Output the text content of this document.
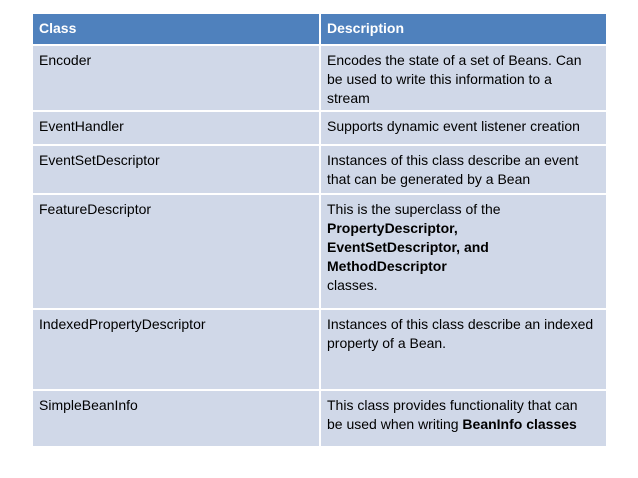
Class	Description
Encoder	Encodes the state of a set of Beans. Can
be used to write this information to a
stream

EventHandler	Supports dynamic event listener creation

EventSetDescriptor	Instances of this class describe an event
that can be generated by a Bean

FeatureDescriptor	This is the superclass of the
PropertyDescriptor,
EventSetDescriptor, and
MethodDescriptor
classes.

IndexedPropertyDescriptor	Instances of this class describe an indexed
property of a Bean.

SimpleBeanInfo	This class provides functionality that can
be used when writing BeanInfo classes
